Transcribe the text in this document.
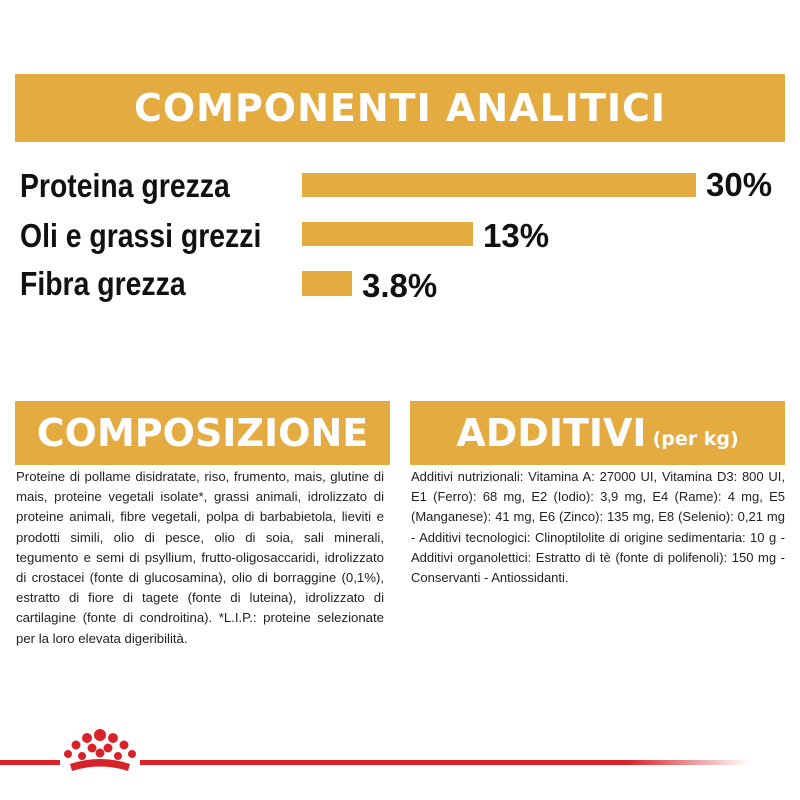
COMPONENTI ANALITICI
Proteina grezza	30%
Oli e grassi grezzi	13%
Fibra grezza	3.8%
COMPOSIZIONE
Proteine di pollame disidratate, riso, frumento, mais, glutine di mais, proteine vegetali isolate*, grassi animali, idrolizzato di proteine animali, fibre vegetali, polpa di barbabietola, lieviti e prodotti simili, olio di pesce, olio di soia, sali minerali, tegumento e semi di psyllium, frutto-oligosaccaridi, idrolizzato di crostacei (fonte di glucosamina), olio di borraggine (0,1%), estratto di fiore di tagete (fonte di luteina), idrolizzato di cartilagine (fonte di condroitina). *L.I.P.: proteine selezionate per la loro elevata digeribilità.
ADDITIVI (per kg)
Additivi nutrizionali: Vitamina A: 27000 UI, Vitamina D3: 800 UI, E1 (Ferro): 68 mg, E2 (Iodio): 3,9 mg, E4 (Rame): 4 mg, E5 (Manganese): 41 mg, E6 (Zinco): 135 mg, E8 (Selenio): 0,21 mg - Additivi tecnologici: Clinoptilolite di origine sedimentaria: 10 g - Additivi organolettici: Estratto di tè (fonte di polifenoli): 150 mg - Conservanti - Antiossidanti.
